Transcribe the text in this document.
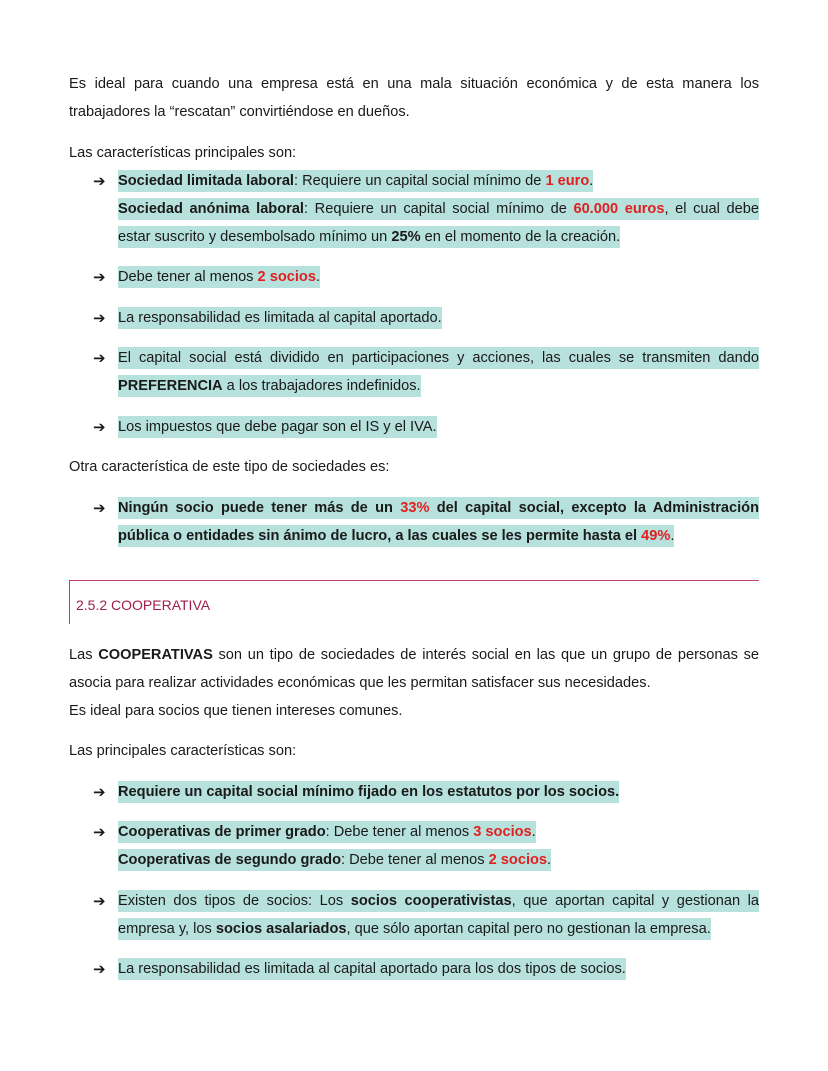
Es ideal para cuando una empresa está en una mala situación económica y de esta manera los trabajadores la “rescatan” convirtiéndose en dueños.

Las características principales son:

➔ Sociedad limitada laboral: Requiere un capital social mínimo de 1 euro.
Sociedad anónima laboral: Requiere un capital social mínimo de 60.000 euros, el cual debe estar suscrito y desembolsado mínimo un 25% en el momento de la creación.

➔ Debe tener al menos 2 socios.

➔ La responsabilidad es limitada al capital aportado.

➔ El capital social está dividido en participaciones y acciones, las cuales se transmiten dando PREFERENCIA a los trabajadores indefinidos.

➔ Los impuestos que debe pagar son el IS y el IVA.

Otra característica de este tipo de sociedades es:

➔ Ningún socio puede tener más de un 33% del capital social, excepto la Administración pública o entidades sin ánimo de lucro, a las cuales se les permite hasta el 49%.

2.5.2 COOPERATIVA

Las COOPERATIVAS son un tipo de sociedades de interés social en las que un grupo de personas se asocia para realizar actividades económicas que les permitan satisfacer sus necesidades.

Es ideal para socios que tienen intereses comunes.

Las principales características son:

➔ Requiere un capital social mínimo fijado en los estatutos por los socios.

➔ Cooperativas de primer grado: Debe tener al menos 3 socios.
Cooperativas de segundo grado: Debe tener al menos 2 socios.

➔ Existen dos tipos de socios: Los socios cooperativistas, que aportan capital y gestionan la empresa y, los socios asalariados, que sólo aportan capital pero no gestionan la empresa.

➔ La responsabilidad es limitada al capital aportado para los dos tipos de socios.
